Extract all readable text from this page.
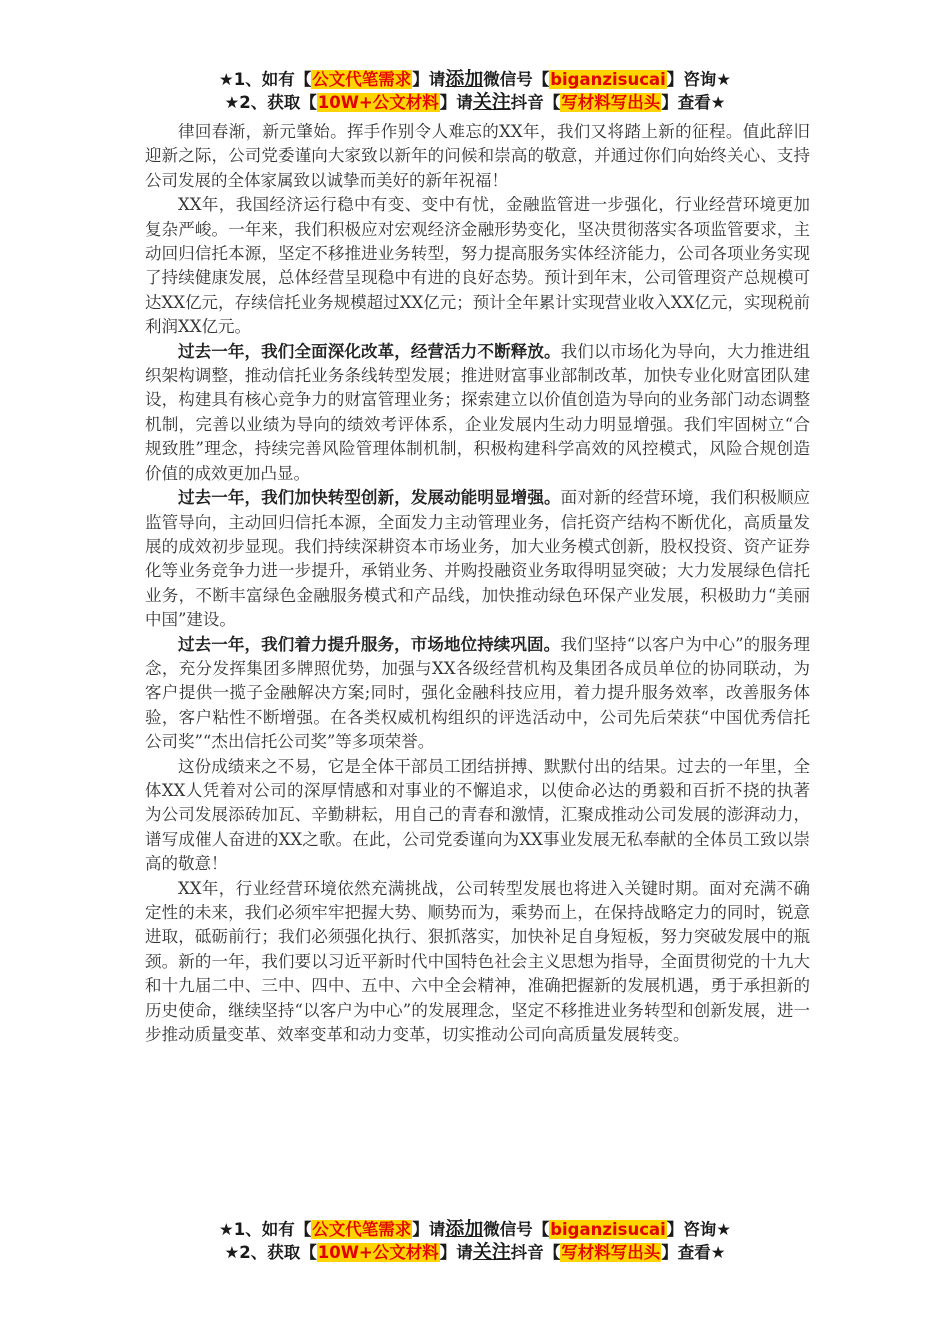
★1、如有【公文代笔需求】请添加微信号【biganzisucai】咨询★
★2、获取【10W+公文材料】请关注抖音【写材料写出头】查看★

律回春渐，新元肇始。挥手作别令人难忘的XX年，我们又将踏上新的征程。值此辞旧迎新之际，公司党委谨向大家致以新年的问候和崇高的敬意，并通过你们向始终关心、支持公司发展的全体家属致以诚挚而美好的新年祝福！

XX年，我国经济运行稳中有变、变中有忧，金融监管进一步强化，行业经营环境更加复杂严峻。一年来，我们积极应对宏观经济金融形势变化，坚决贯彻落实各项监管要求，主动回归信托本源，坚定不移推进业务转型，努力提高服务实体经济能力，公司各项业务实现了持续健康发展，总体经营呈现稳中有进的良好态势。预计到年末，公司管理资产总规模可达XX亿元，存续信托业务规模超过XX亿元；预计全年累计实现营业收入XX亿元，实现税前利润XX亿元。

过去一年，我们全面深化改革，经营活力不断释放。我们以市场化为导向，大力推进组织架构调整，推动信托业务条线转型发展；推进财富事业部制改革，加快专业化财富团队建设，构建具有核心竞争力的财富管理业务；探索建立以价值创造为导向的业务部门动态调整机制，完善以业绩为导向的绩效考评体系，企业发展内生动力明显增强。我们牢固树立“合规致胜”理念，持续完善风险管理体制机制，积极构建科学高效的风控模式，风险合规创造价值的成效更加凸显。

过去一年，我们加快转型创新，发展动能明显增强。面对新的经营环境，我们积极顺应监管导向，主动回归信托本源，全面发力主动管理业务，信托资产结构不断优化，高质量发展的成效初步显现。我们持续深耕资本市场业务，加大业务模式创新，股权投资、资产证券化等业务竞争力进一步提升，承销业务、并购投融资业务取得明显突破；大力发展绿色信托业务，不断丰富绿色金融服务模式和产品线，加快推动绿色环保产业发展，积极助力“美丽中国”建设。

过去一年，我们着力提升服务，市场地位持续巩固。我们坚持“以客户为中心”的服务理念，充分发挥集团多牌照优势，加强与XX各级经营机构及集团各成员单位的协同联动，为客户提供一揽子金融解决方案;同时，强化金融科技应用，着力提升服务效率，改善服务体验，客户粘性不断增强。在各类权威机构组织的评选活动中，公司先后荣获“中国优秀信托公司奖”“杰出信托公司奖”等多项荣誉。

这份成绩来之不易，它是全体干部员工团结拼搏、默默付出的结果。过去的一年里，全体XX人凭着对公司的深厚情感和对事业的不懈追求，以使命必达的勇毅和百折不挠的执著为公司发展添砖加瓦、辛勤耕耘，用自己的青春和激情，汇聚成推动公司发展的澎湃动力，谱写成催人奋进的XX之歌。在此，公司党委谨向为XX事业发展无私奉献的全体员工致以崇高的敬意！

XX年，行业经营环境依然充满挑战，公司转型发展也将进入关键时期。面对充满不确定性的未来，我们必须牢牢把握大势、顺势而为，乘势而上，在保持战略定力的同时，锐意进取，砥砺前行；我们必须强化执行、狠抓落实，加快补足自身短板，努力突破发展中的瓶颈。新的一年，我们要以习近平新时代中国特色社会主义思想为指导，全面贯彻党的十九大和十九届二中、三中、四中、五中、六中全会精神，准确把握新的发展机遇，勇于承担新的历史使命，继续坚持“以客户为中心”的发展理念，坚定不移推进业务转型和创新发展，进一步推动质量变革、效率变革和动力变革，切实推动公司向高质量发展转变。

★1、如有【公文代笔需求】请添加微信号【biganzisucai】咨询★
★2、获取【10W+公文材料】请关注抖音【写材料写出头】查看★
